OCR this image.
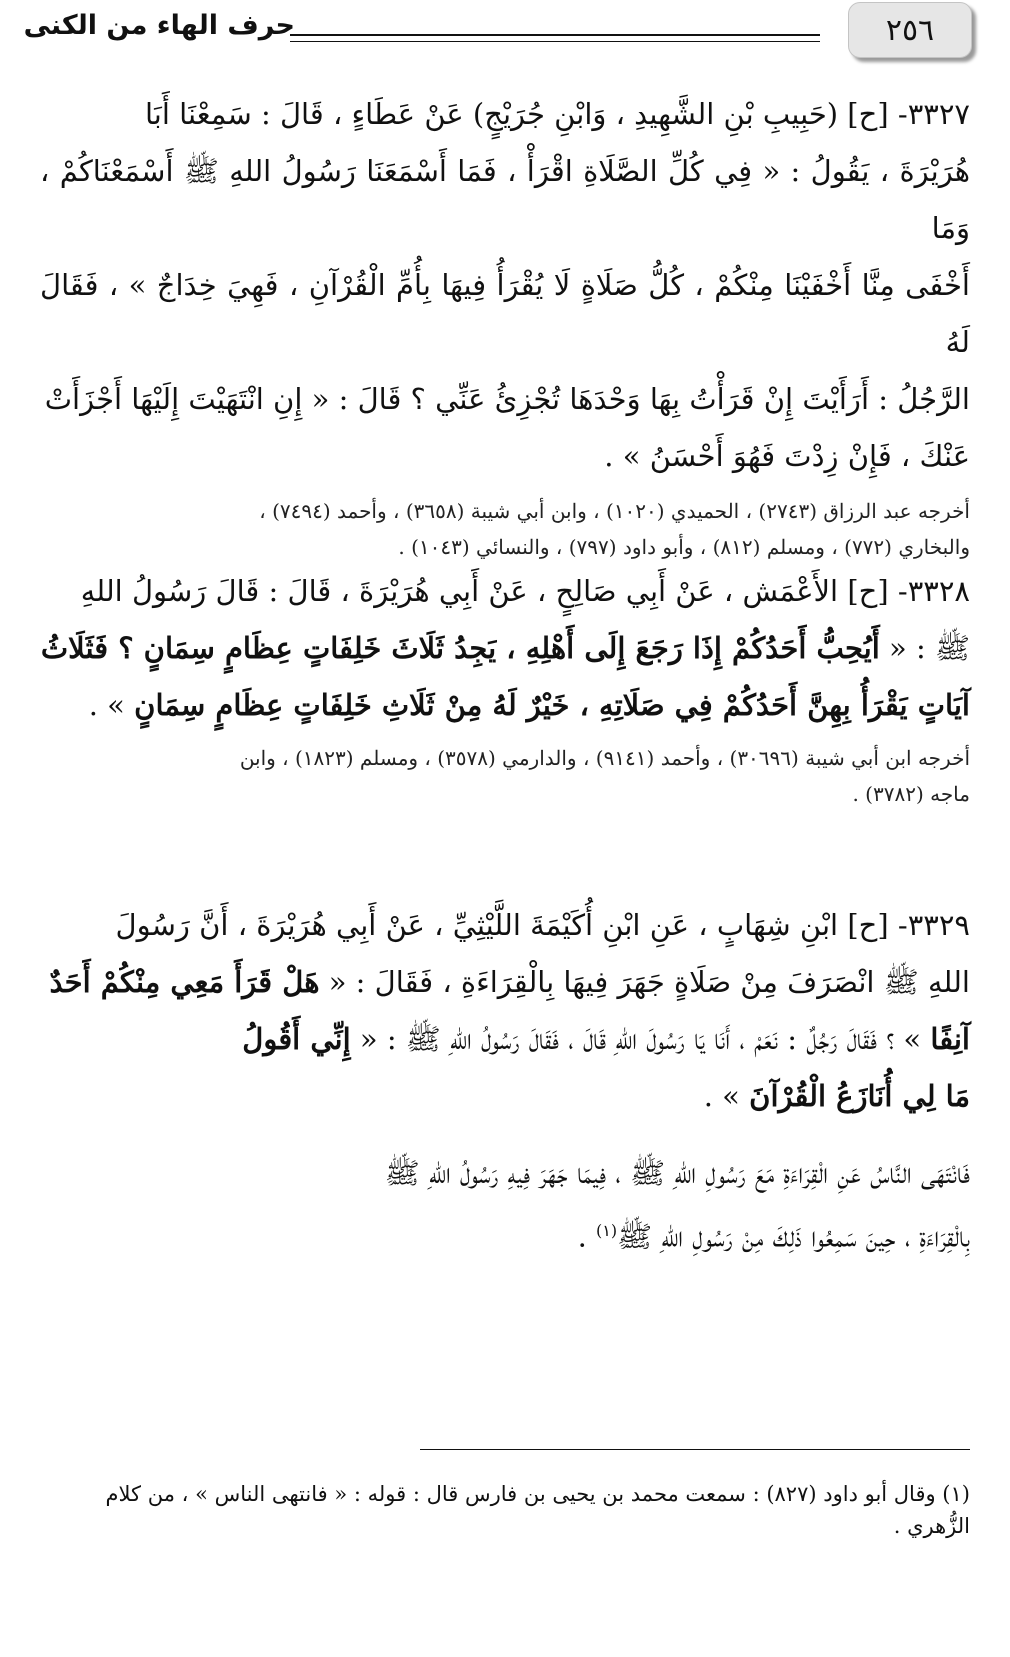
٢٥٦
حرف الهاء من الكنى

٣٣٢٧- [ح] (حَبِيبِ بْنِ الشَّهِيدِ ، وَابْنِ جُرَيْجٍ) عَنْ عَطَاءٍ ، قَالَ : سَمِعْنَا أَبَا

هُرَيْرَةَ ، يَقُولُ : « فِي كُلِّ الصَّلَاةِ اقْرَأْ ، فَمَا أَسْمَعَنَا رَسُولُ اللهِ ﷺ أَسْمَعْنَاكُمْ ، وَمَا

أَخْفَى مِنَّا أَخْفَيْنَا مِنْكُمْ ، كُلُّ صَلَاةٍ لَا يُقْرَأُ فِيهَا بِأُمِّ الْقُرْآنِ ، فَهِيَ خِدَاجٌ » ، فَقَالَ لَهُ

الرَّجُلُ : أَرَأَيْتَ إِنْ قَرَأْتُ بِهَا وَحْدَهَا تُجْزِئُ عَنِّي ؟ قَالَ : « إِنِ انْتَهَيْتَ إِلَيْهَا أَجْزَأَتْ

عَنْكَ ، فَإِنْ زِدْتَ فَهُوَ أَحْسَنُ » .

أخرجه عبد الرزاق (٢٧٤٣) ، الحميدي (١٠٢٠) ، وابن أبي شيبة (٣٦٥٨) ، وأحمد (٧٤٩٤) ،

والبخاري (٧٧٢) ، ومسلم (٨١٢) ، وأبو داود (٧٩٧) ، والنسائي (١٠٤٣) .

٣٣٢٨- [ح] الأَعْمَش ، عَنْ أَبِي صَالِحٍ ، عَنْ أَبِي هُرَيْرَةَ ، قَالَ : قَالَ رَسُولُ اللهِ

ﷺ : « أَيُحِبُّ أَحَدُكُمْ إِذَا رَجَعَ إِلَى أَهْلِهِ ، يَجِدُ ثَلَاثَ خَلِفَاتٍ عِظَامٍ سِمَانٍ ؟ فَثَلَاثُ

آيَاتٍ يَقْرَأُ بِهِنَّ أَحَدُكُمْ فِي صَلَاتِهِ ، خَيْرٌ لَهُ مِنْ ثَلَاثِ خَلِفَاتٍ عِظَامٍ سِمَانٍ » .

أخرجه ابن أبي شيبة (٣٠٦٩٦) ، وأحمد (٩١٤١) ، والدارمي (٣٥٧٨) ، ومسلم (١٨٢٣) ، وابن

ماجه (٣٧٨٢) .

٣٣٢٩- [ح] ابْنِ شِهَابٍ ، عَنِ ابْنِ أُكَيْمَةَ اللَّيْثِيِّ ، عَنْ أَبِي هُرَيْرَةَ ، أَنَّ رَسُولَ

اللهِ ﷺ انْصَرَفَ مِنْ صَلَاةٍ جَهَرَ فِيهَا بِالْقِرَاءَةِ ، فَقَالَ : « هَلْ قَرَأَ مَعِي مِنْكُمْ أَحَدٌ

آنِفًا » ؟ فَقَالَ رَجُلٌ : نَعَمْ ، أَنَا يَا رَسُولَ اللهِ قَالَ ، فَقَالَ رَسُولُ اللهِ ﷺ : « إِنِّي أَقُولُ

مَا لِي أُنَازَعُ الْقُرْآنَ » .

فَانْتَهَى النَّاسُ عَنِ الْقِرَاءَةِ مَعَ رَسُولِ اللهِ ﷺ ، فِيمَا جَهَرَ فِيهِ رَسُولُ اللهِ ﷺ

بِالْقِرَاءَةِ ، حِينَ سَمِعُوا ذَلِكَ مِنْ رَسُولِ اللهِ ﷺ$^{(١)}$ .

(١) وقال أبو داود (٨٢٧) : سمعت محمد بن يحيى بن فارس قال : قوله : « فانتهى الناس » ، من كلام الزُّهري .
